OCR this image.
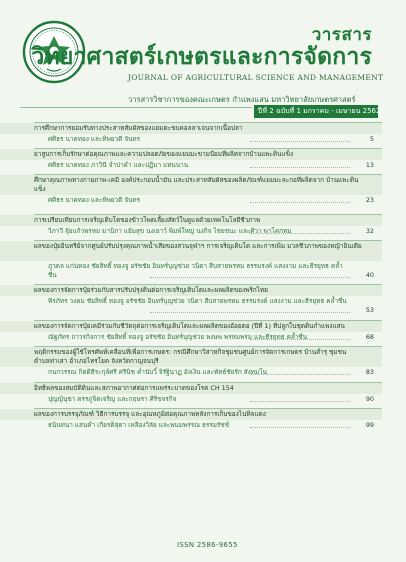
วารสาร
วิทยาศาสตร์เกษตรและการจัดการ
JOURNAL OF AGRICULTURAL SCIENCE AND MANAGEMENT
วารสารวิชาการของคณะเกษตร กำแพงแสน มหาวิทยาลัยเกษตรศาสตร์
ปีที่ 2 ฉบับที่ 1 มกราคม - เมษายน 2562
การศึกษาการยอมรับทางประสาทสัมผัสของแยมตะขบคอลลาเจนจากเนื้อปลา
ศศิธร นาคทอง และทิพยวดี จันทร	5
ยาสูบการเก็บรักษาต่อคุณภาพและความปลอดภัยของแยมมะขามป้อมที่ผลิตจากบ้านแพะดินแข็ง
ศศิธร นาคทอง ภาวินี จำปาดำ และปฏิมา แทนนาน	13
ศึกษาคุณภาพทางกายภาพ-เคมี องค์ประกอบน้ำมัน และประสาทสัมผัสของผลิตภัณฑ์แยมมะละกอที่ผลิตจาก บ้านแพะดินแข็ง
ศศิธร นาคทอง และทิพยวดี จันทร	23
การเปรียบเทียบการเจริญเติบโตของข้าวโพดเลี้ยงสัตว์ในดูแลด้วยเทคโนโลยีชีวภาพ
วิภาวี จุ้ยแก้วพรหม มานิกา แย้มสุข นงเยาว์ พิมพ์ใหญ่ นงกิจ ไชยชนะ และศิวา พาโคกทม	32
ผลของปุ๋ยอินทรีย์จากศูนย์ปรับปรุงคุณภาพน้ำเสียของสวนจุฬาฯ การเจริญเติบโต และการเพิ่ม มวลชีวภาพของหญ้าอินเดีย
ภูวดล แก่นทอง ชัยสิทธิ์ ทองจู อรัชชัย อินทร์บุญช่วย วนิดา สืบสายพรหม ธรรมรงค์ แสงงาม และธีรยุทธ คล้ำชื่น	40
ผลของการจัดการปุ๋ยร่วมกับสารปรับปรุงดินต่อการเจริญเติบโตและผลผลิตของพริกไทย
พีรภัทร วงคม ชัยสิทธิ์ ทองจู อรัชชัย อินทร์บุญช่วย วนิดา สืบสายพรหม ธรรมรงค์ แสงงาม และธีรยุทธ คล้ำชื่น
53
ผลของการจัดการปุ๋ยเคมีร่วมกับชีวัตถุต่อการเจริญเติบโตและผลผลิตของอ้อยตอ (ปีที่ 1) ที่ปลูกในชุดดินกำแพงแสน
ณัฐภัทร ถาวรกิจการ ชัยสิทธิ์ ทองจู อรัชชัย อินทร์บุญช่วย พงษพ พรหมพรม และธีรยุทธ คล้ำชื่น	68
พฤติกรรมของผู้ใช้โทรศัพท์เคลื่อนที่เพื่อการเกษตร: กรณีศึกษาวิสาหกิจชุมชนศูนย์การจัดการเกษตร บ้านสำรุ ชุมชน ตำบลท่าเสา อำเภอไทรโยค จังหวัดกาญจนบุรี
กนกวรรณ กิตติธีระกุล์ศรี ศรีนิช ค่ำนับวิ์ จิรัฐินาฏ อังเงิน และพัทธ์ชัยรัก สังทมโน	83
อิทธิพลของสมบัติดินและสภาพอากาศต่อการแพร่ระบาดของโรค CH 154
ปุญญ์นุชา ดรรภูจิตเจริญ และกฤษรา ศิริขจรกิจ	90
ผลของการบรรจุภัณฑ์ วิธีการบรรจุ และอุณหภูมิต่อคุณภาพหลังการเก็บของไนทิลแดง
ธนินทนา แสนคำ เกียรติสุดา เหลืองวิลัย และพนมพรรณ ธรรมรัชช์	99
ISSN 2586-9655
